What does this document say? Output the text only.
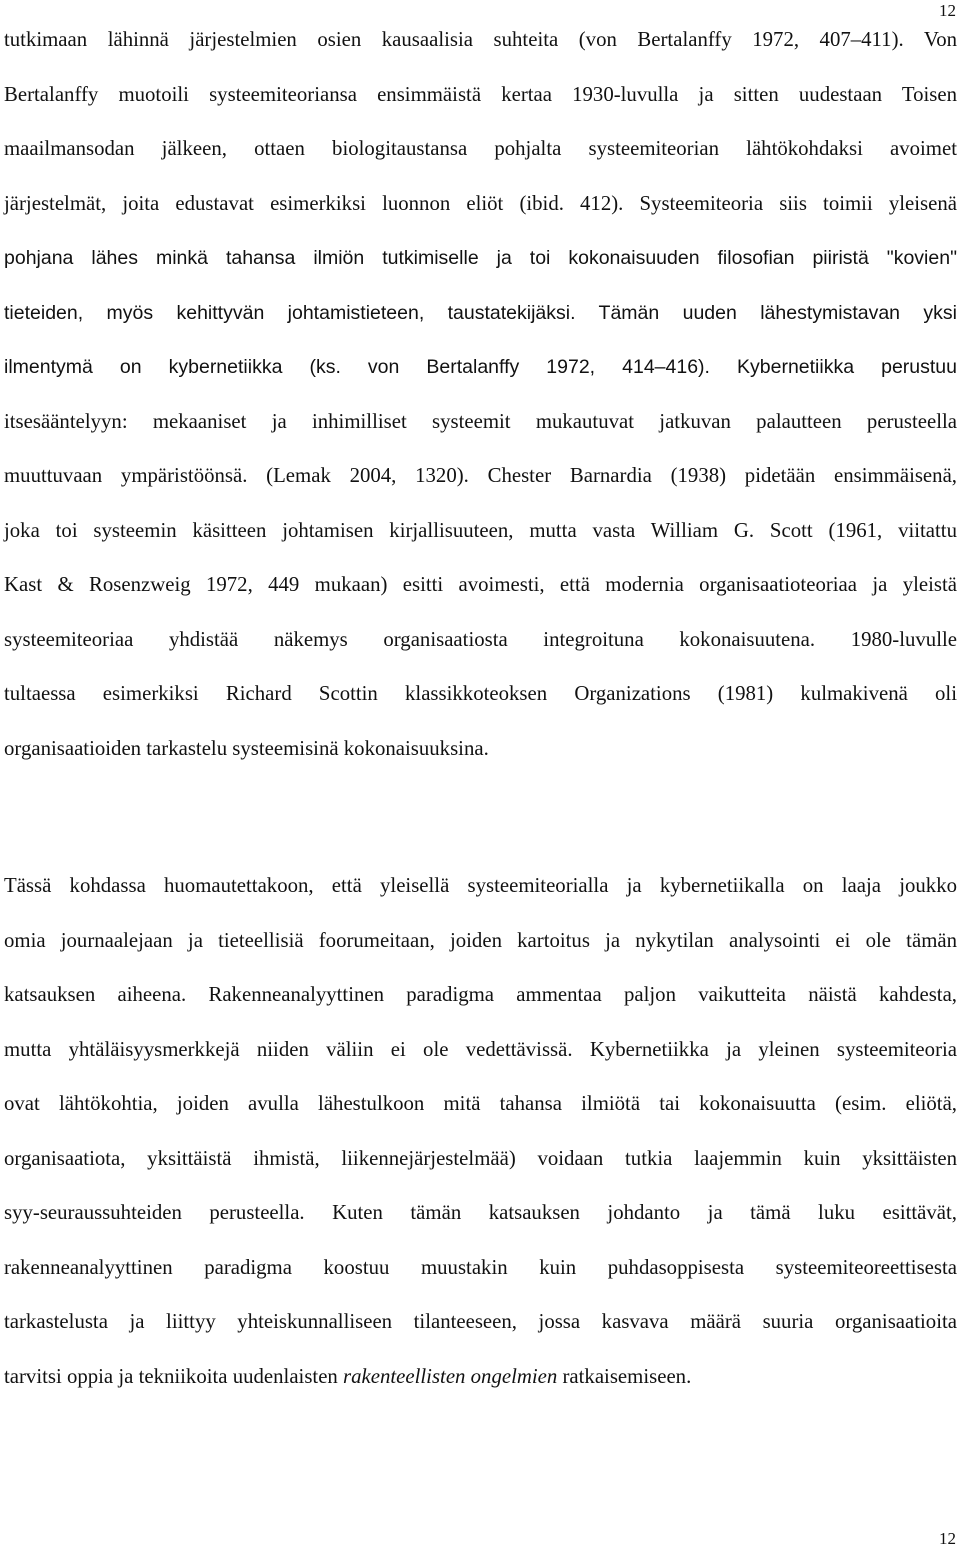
12
tutkimaan lähinnä järjestelmien osien kausaalisia suhteita (von Bertalanffy 1972, 407–411). Von
Bertalanffy muotoili systeemiteoriansa ensimmäistä kertaa 1930-luvulla ja sitten uudestaan Toisen
maailmansodan jälkeen, ottaen biologitaustansa pohjalta systeemiteorian lähtökohdaksi avoimet
järjestelmät, joita edustavat esimerkiksi luonnon eliöt (ibid. 412). Systeemiteoria siis toimii yleisenä
pohjana lähes minkä tahansa ilmiön tutkimiselle ja toi kokonaisuuden filosofian piiristä "kovien"
tieteiden, myös kehittyvän johtamistieteen, taustatekijäksi. Tämän uuden lähestymistavan yksi
ilmentymä on kybernetiikka (ks. von Bertalanffy 1972, 414–416). Kybernetiikka perustuu
itsesääntelyyn: mekaaniset ja inhimilliset systeemit mukautuvat jatkuvan palautteen perusteella
muuttuvaan ympäristöönsä. (Lemak 2004, 1320). Chester Barnardia (1938) pidetään ensimmäisenä,
joka toi systeemin käsitteen johtamisen kirjallisuuteen, mutta vasta William G. Scott (1961, viitattu
Kast & Rosenzweig 1972, 449 mukaan) esitti avoimesti, että modernia organisaatioteoriaa ja yleistä
systeemiteoriaa yhdistää näkemys organisaatiosta integroituna kokonaisuutena. 1980-luvulle
tultaessa esimerkiksi Richard Scottin klassikkoteoksen Organizations (1981) kulmakivenä oli
organisaatioiden tarkastelu systeemisinä kokonaisuuksina.
Tässä kohdassa huomautettakoon, että yleisellä systeemiteorialla ja kybernetiikalla on laaja joukko
omia journaalejaan ja tieteellisiä foorumeitaan, joiden kartoitus ja nykytilan analysointi ei ole tämän
katsauksen aiheena. Rakenneanalyyttinen paradigma ammentaa paljon vaikutteita näistä kahdesta,
mutta yhtäläisyysmerkkejä niiden väliin ei ole vedettävissä. Kybernetiikka ja yleinen systeemiteoria
ovat lähtökohtia, joiden avulla lähestulkoon mitä tahansa ilmiötä tai kokonaisuutta (esim. eliötä,
organisaatiota, yksittäistä ihmistä, liikennejärjestelmää) voidaan tutkia laajemmin kuin yksittäisten
syy-seuraussuhteiden perusteella. Kuten tämän katsauksen johdanto ja tämä luku esittävät,
rakenneanalyyttinen paradigma koostuu muustakin kuin puhdasoppisesta systeemiteoreettisesta
tarkastelusta ja liittyy yhteiskunnalliseen tilanteeseen, jossa kasvava määrä suuria organisaatioita
tarvitsi oppia ja tekniikoita uudenlaisten rakenteellisten ongelmien ratkaisemiseen.
12
